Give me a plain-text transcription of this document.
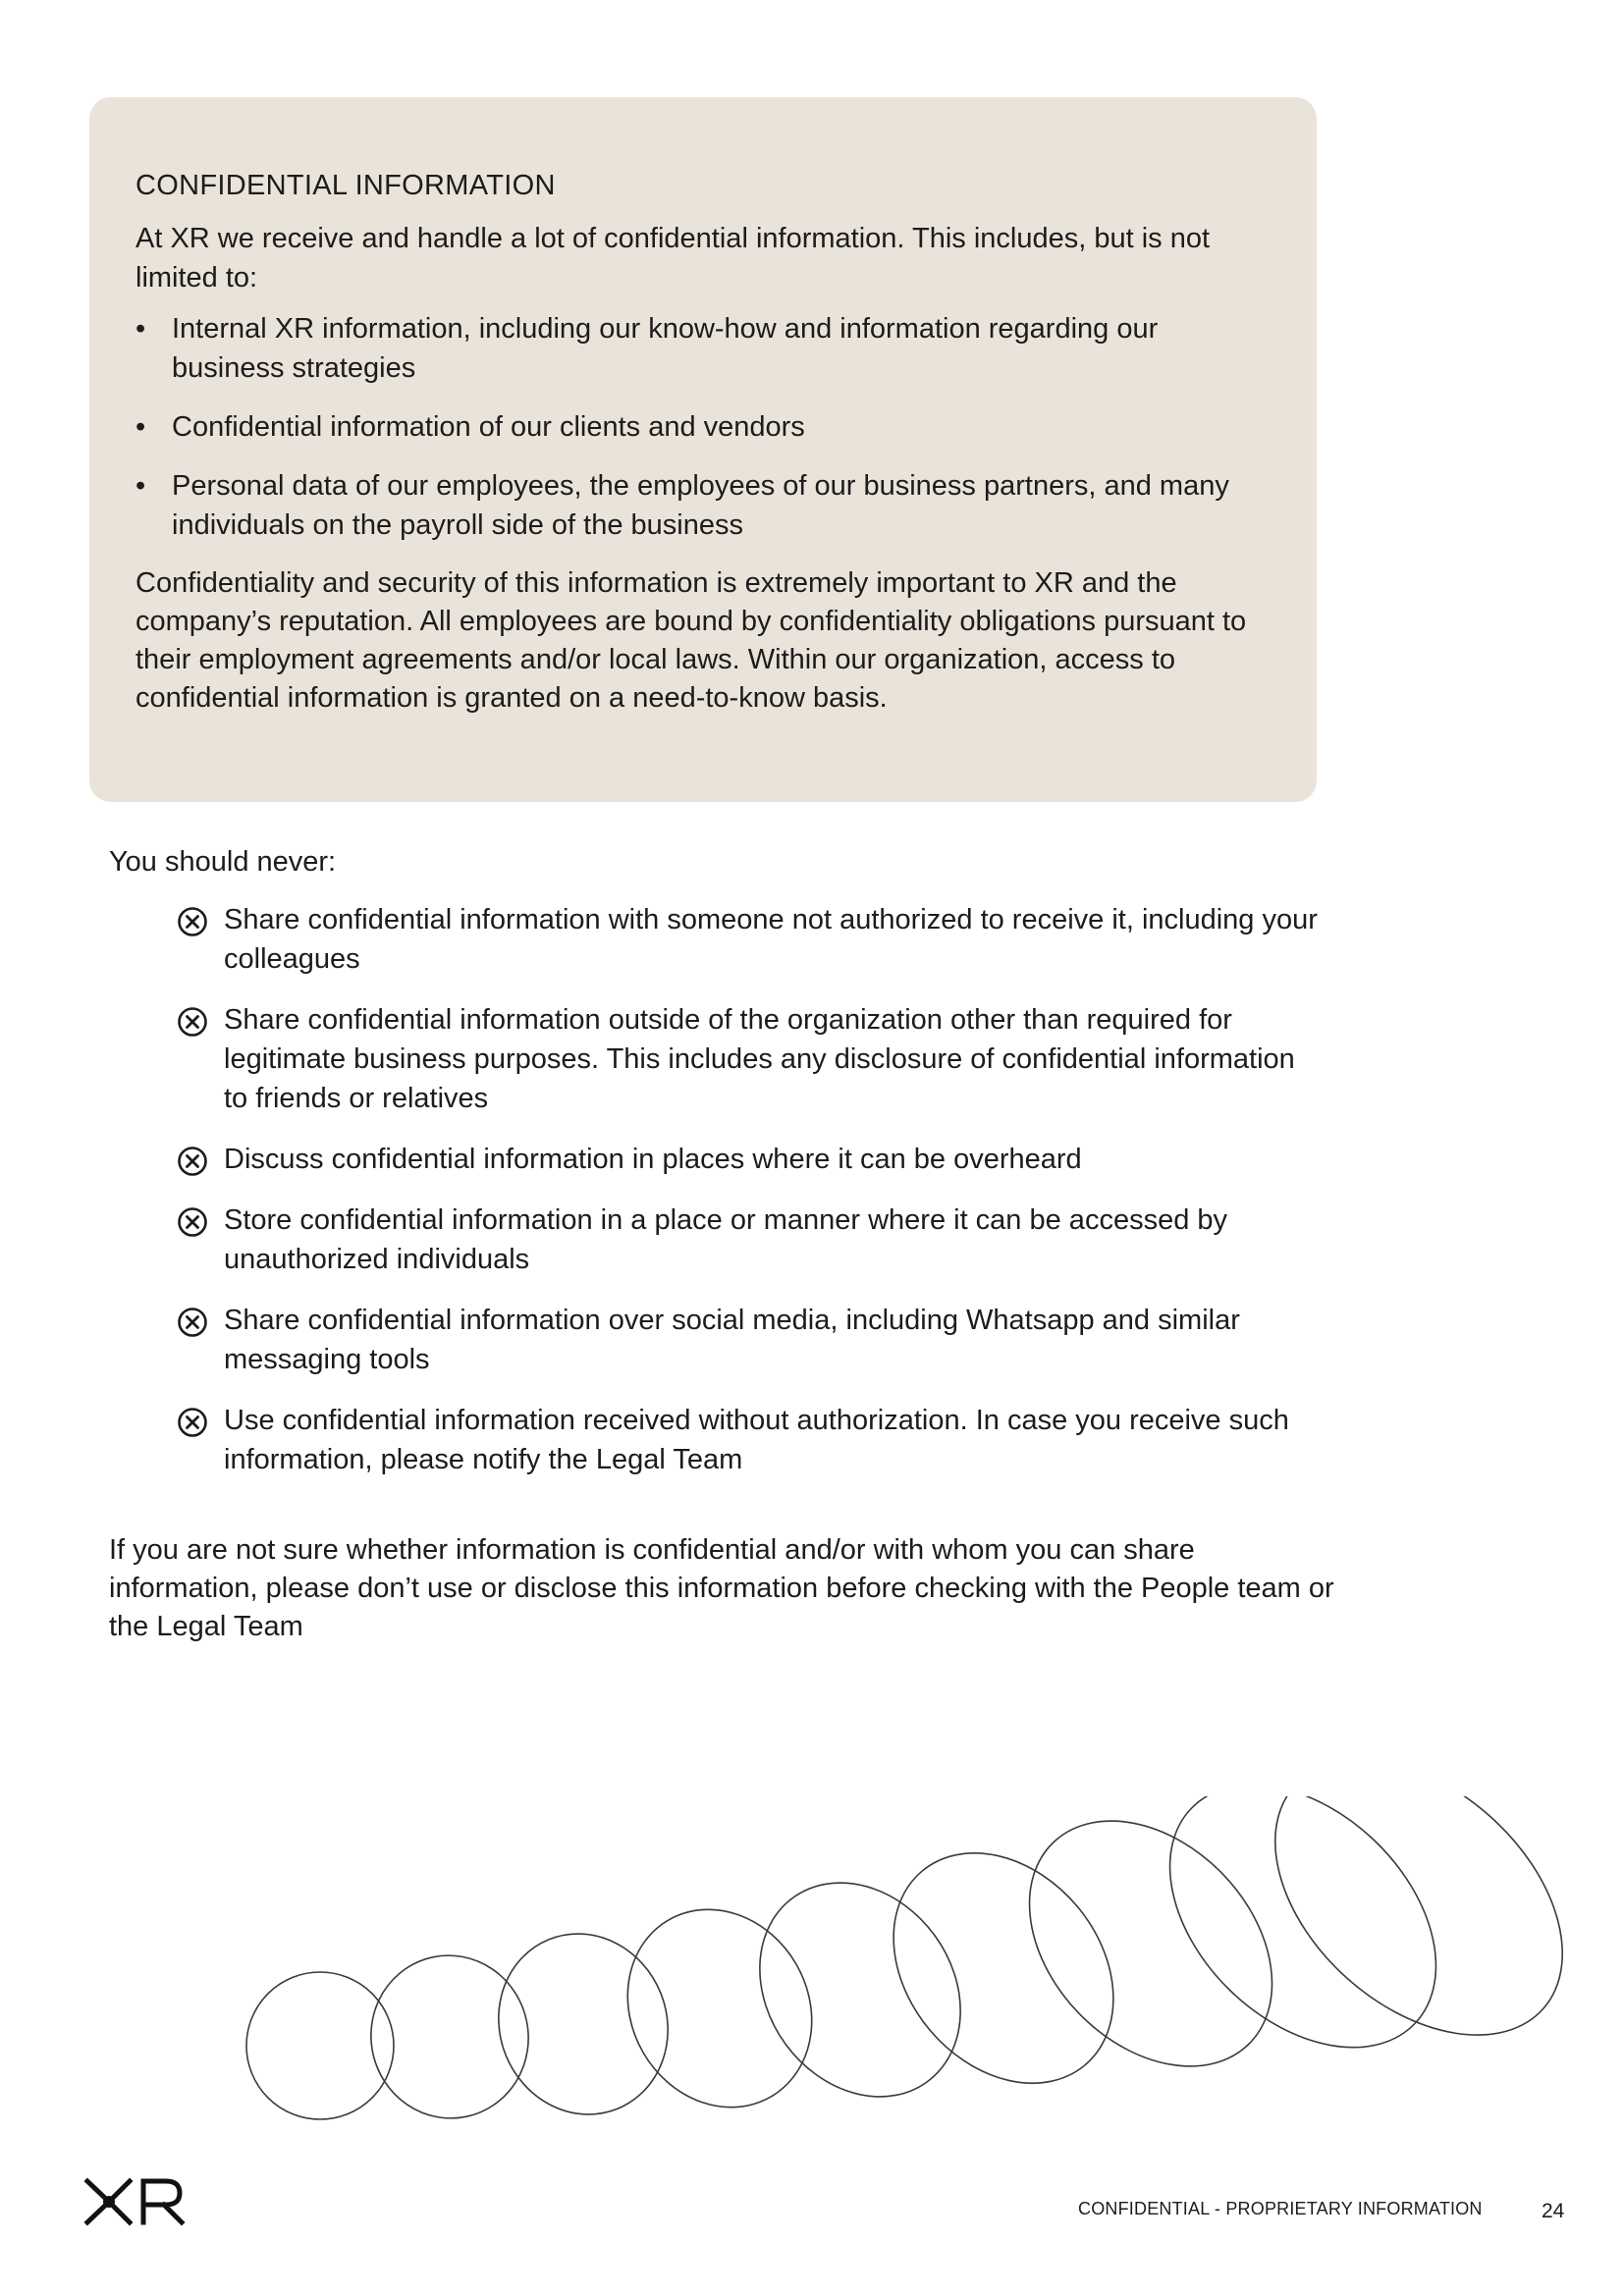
CONFIDENTIAL INFORMATION

At XR we receive and handle a lot of confidential information. This includes, but is not limited to:

• Internal XR information, including our know-how and information regarding our business strategies
• Confidential information of our clients and vendors
• Personal data of our employees, the employees of our business partners, and many individuals on the payroll side of the business

Confidentiality and security of this information is extremely important to XR and the company’s reputation. All employees are bound by confidentiality obligations pursuant to their employment agreements and/or local laws. Within our organization, access to confidential information is granted on a need-to-know basis.

You should never:

Share confidential information with someone not authorized to receive it, including your colleagues
Share confidential information outside of the organization other than required for legitimate business purposes. This includes any disclosure of confidential information to friends or relatives
Discuss confidential information in places where it can be overheard
Store confidential information in a place or manner where it can be accessed by unauthorized individuals
Share confidential information over social media, including Whatsapp and similar messaging tools
Use confidential information received without authorization. In case you receive such information, please notify the Legal Team

If you are not sure whether information is confidential and/or with whom you can share information, please don’t use or disclose this information before checking with the People team or the Legal Team

CONFIDENTIAL - PROPRIETARY INFORMATION	24
